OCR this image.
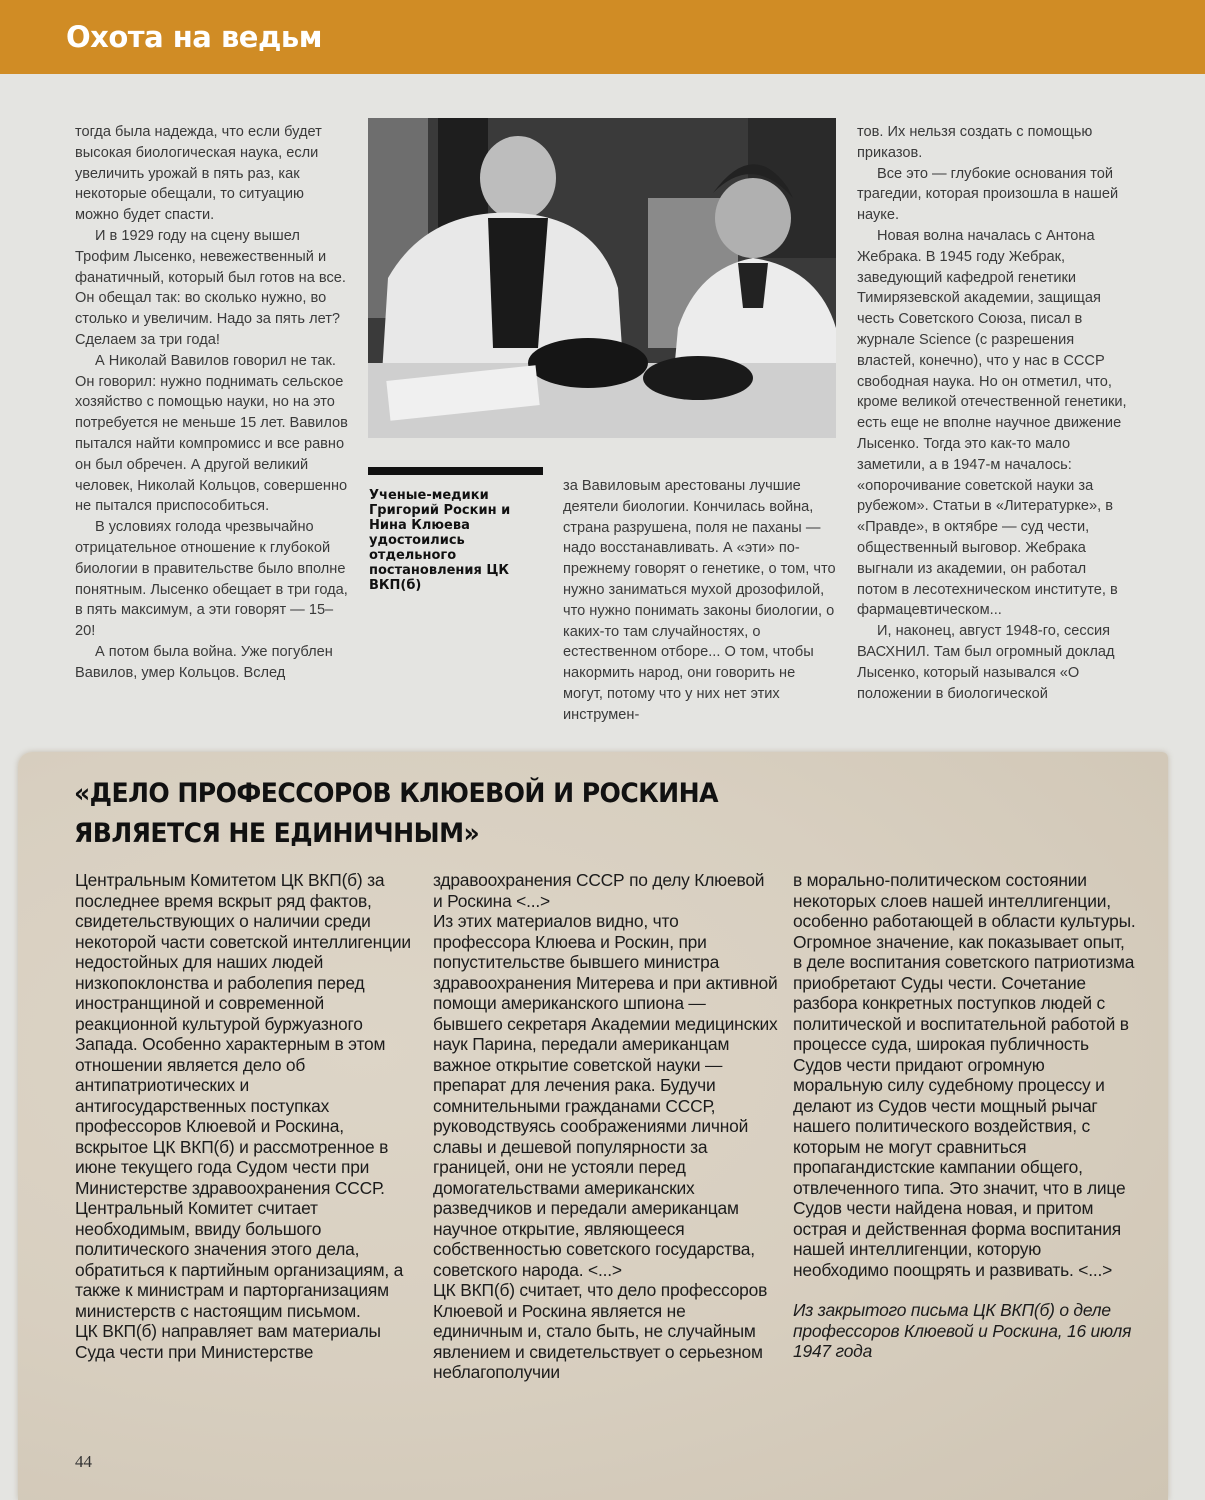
Охота на ведьм

тогда была надежда, что если будет высокая биологическая наука, если увеличить урожай в пять раз, как некоторые обещали, то ситуацию можно будет спасти.

И в 1929 году на сцену вышел Трофим Лысенко, невежественный и фанатичный, который был готов на все. Он обещал так: во сколько нужно, во столько и увеличим. Надо за пять лет? Сделаем за три года!

А Николай Вавилов говорил не так. Он говорил: нужно поднимать сельское хозяйство с помощью науки, но на это потребуется не меньше 15 лет. Вавилов пытался найти компромисс и все равно он был обречен. А другой великий человек, Николай Кольцов, совершенно не пытался приспособиться.

В условиях голода чрезвычайно отрицательное отношение к глубокой биологии в правительстве было вполне понятным. Лысенко обещает в три года, в пять максимум, а эти говорят — 15–20!

А потом была война. Уже погублен Вавилов, умер Кольцов. Вслед

Ученые-медики Григорий Роскин и Нина Клюева удостоились отдельного постановления ЦК ВКП(б)

за Вавиловым арестованы лучшие деятели биологии. Кончилась война, страна разрушена, поля не паханы — надо восстанавливать. А «эти» по-прежнему говорят о генетике, о том, что нужно заниматься мухой дрозофилой, что нужно понимать законы биологии, о каких-то там случайностях, о естественном отборе... О том, чтобы накормить народ, они говорить не могут, потому что у них нет этих инструмен-

тов. Их нельзя создать с помощью приказов.

Все это — глубокие основания той трагедии, которая произошла в нашей науке.

Новая волна началась с Антона Жебрака. В 1945 году Жебрак, заведующий кафедрой генетики Тимирязевской академии, защищая честь Советского Союза, писал в журнале Science (с разрешения властей, конечно), что у нас в СССР свободная наука. Но он отметил, что, кроме великой отечественной генетики, есть еще не вполне научное движение Лысенко. Тогда это как-то мало заметили, а в 1947-м началось: «опорочивание советской науки за рубежом». Статьи в «Литературке», в «Правде», в октябре — суд чести, общественный выговор. Жебрака выгнали из академии, он работал потом в лесотехническом институте, в фармацевтическом...

И, наконец, август 1948-го, сессия ВАСХНИЛ. Там был огромный доклад Лысенко, который назывался «О положении в биологической

«ДЕЛО ПРОФЕССОРОВ КЛЮЕВОЙ И РОСКИНА ЯВЛЯЕТСЯ НЕ ЕДИНИЧНЫМ»

Центральным Комитетом ЦК ВКП(б) за последнее время вскрыт ряд фактов, свидетельствующих о наличии среди некоторой части советской интеллигенции недостойных для наших людей низкопоклонства и раболепия перед иностранщиной и современной реакционной культурой буржуазного Запада. Особенно характерным в этом отношении является дело об антипатриотических и антигосударственных поступках профессоров Клюевой и Роскина, вскрытое ЦК ВКП(б) и рассмотренное в июне текущего года Судом чести при Министерстве здравоохранения СССР.

Центральный Комитет считает необходимым, ввиду большого политического значения этого дела, обратиться к партийным организациям, а также к министрам и парторганизациям министерств с настоящим письмом.

ЦК ВКП(б) направляет вам материалы Суда чести при Министерстве

здравоохранения СССР по делу Клюевой и Роскина <...>

Из этих материалов видно, что профессора Клюева и Роскин, при попустительстве бывшего министра здравоохранения Митерева и при активной помощи американского шпиона — бывшего секретаря Академии медицинских наук Парина, передали американцам важное открытие советской науки — препарат для лечения рака. Будучи сомнительными гражданами СССР, руководствуясь соображениями личной славы и дешевой популярности за границей, они не устояли перед домогательствами американских разведчиков и передали американцам научное открытие, являющееся собственностью советского государства, советского народа. <...>

ЦК ВКП(б) считает, что дело профессоров Клюевой и Роскина является не единичным и, стало быть, не случайным явлением и свидетельствует о серьезном неблагополучии

в морально-политическом состоянии некоторых слоев нашей интеллигенции, особенно работающей в области культуры.

Огромное значение, как показывает опыт, в деле воспитания советского патриотизма приобретают Суды чести. Сочетание разбора конкретных поступков людей с политической и воспитательной работой в процессе суда, широкая публичность Судов чести придают огромную моральную силу судебному процессу и делают из Судов чести мощный рычаг нашего политического воздействия, с которым не могут сравниться пропагандистские кампании общего, отвлеченного типа. Это значит, что в лице Судов чести найдена новая, и притом острая и действенная форма воспитания нашей интеллигенции, которую необходимо поощрять и развивать. <...>

Из закрытого письма ЦК ВКП(б) о деле профессоров Клюевой и Роскина, 16 июля 1947 года

44
